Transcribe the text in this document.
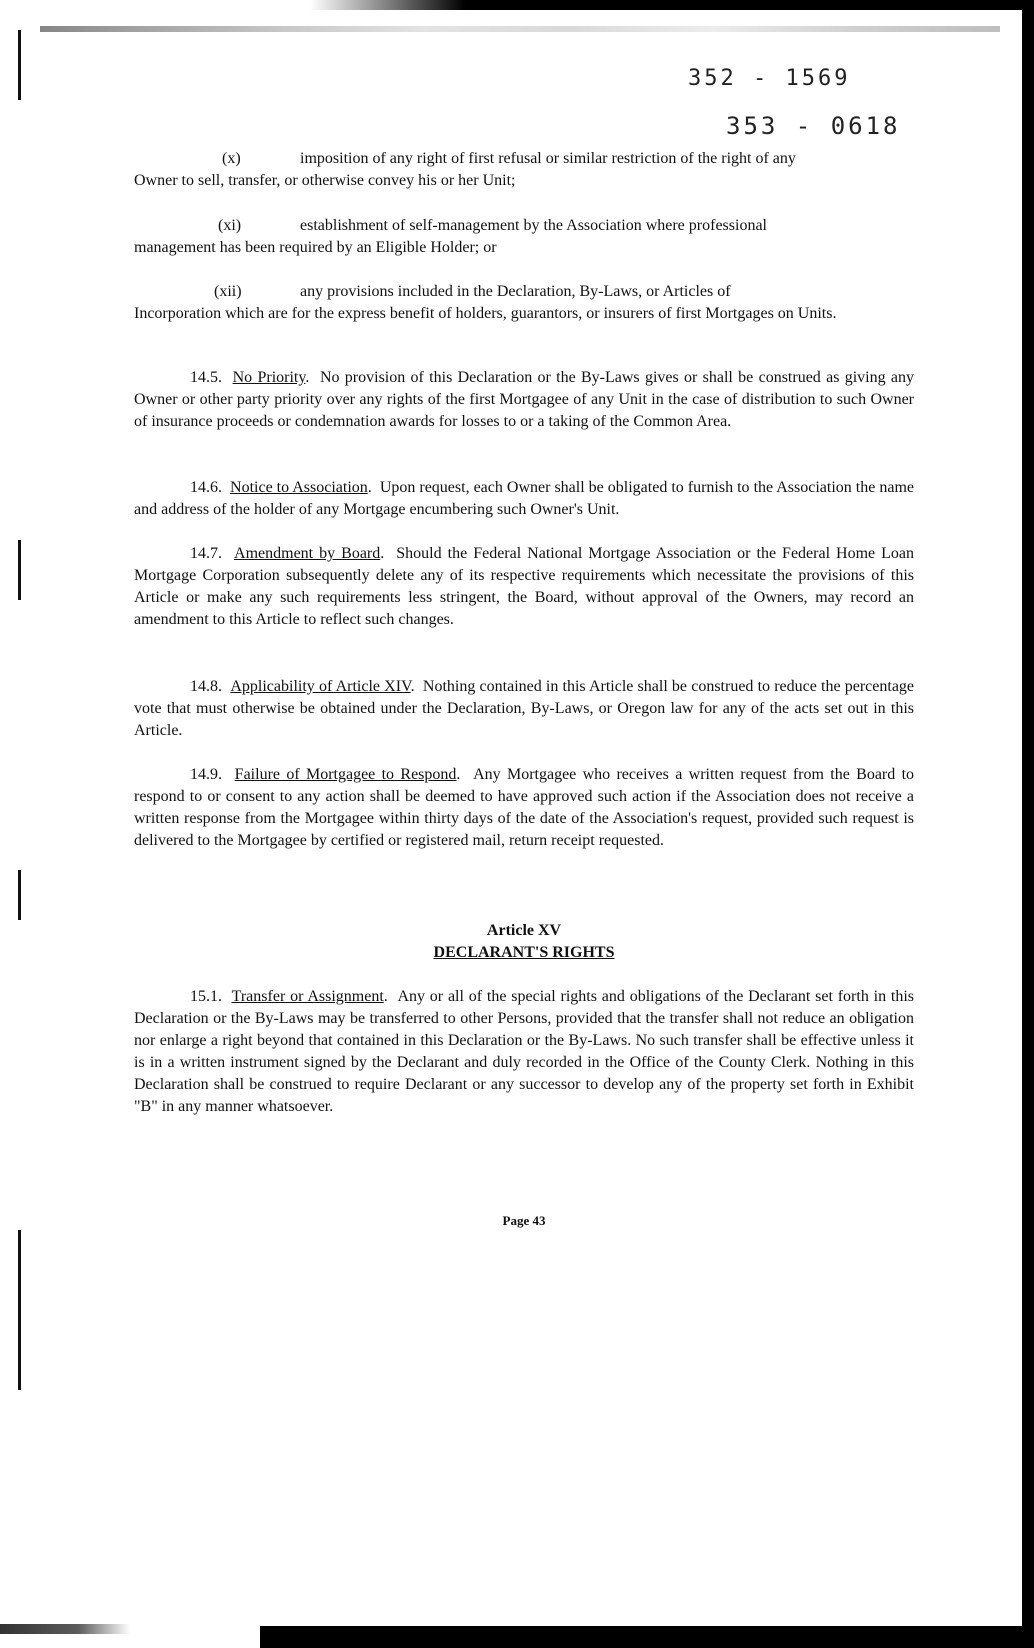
352 - 1569
353 - 0618
(x)	imposition of any right of first refusal or similar restriction of the right of any
Owner to sell, transfer, or otherwise convey his or her Unit;
(xi)	establishment of self-management by the Association where professional
management has been required by an Eligible Holder; or
(xii)	any provisions included in the Declaration, By-Laws, or Articles of
Incorporation which are for the express benefit of holders, guarantors, or insurers of first Mortgages on Units.

14.5. No Priority.  No provision of this Declaration or the By-Laws gives or shall be construed as giving any Owner or other party priority over any rights of the first Mortgagee of any Unit in the case of distribution to such Owner of insurance proceeds or condemnation awards for losses to or a taking of the Common Area.

14.6. Notice to Association.  Upon request, each Owner shall be obligated to furnish to the Association the name and address of the holder of any Mortgage encumbering such Owner's Unit.

14.7. Amendment by Board.  Should the Federal National Mortgage Association or the Federal Home Loan Mortgage Corporation subsequently delete any of its respective requirements which necessitate the provisions of this Article or make any such requirements less stringent, the Board, without approval of the Owners, may record an amendment to this Article to reflect such changes.

14.8. Applicability of Article XIV.  Nothing contained in this Article shall be construed to reduce the percentage vote that must otherwise be obtained under the Declaration, By-Laws, or Oregon law for any of the acts set out in this Article.

14.9. Failure of Mortgagee to Respond.  Any Mortgagee who receives a written request from the Board to respond to or consent to any action shall be deemed to have approved such action if the Association does not receive a written response from the Mortgagee within thirty days of the date of the Association's request, provided such request is delivered to the Mortgagee by certified or registered mail, return receipt requested.

Article XV
DECLARANT'S RIGHTS

15.1. Transfer or Assignment.  Any or all of the special rights and obligations of the Declarant set forth in this Declaration or the By-Laws may be transferred to other Persons, provided that the transfer shall not reduce an obligation nor enlarge a right beyond that contained in this Declaration or the By-Laws. No such transfer shall be effective unless it is in a written instrument signed by the Declarant and duly recorded in the Office of the County Clerk. Nothing in this Declaration shall be construed to require Declarant or any successor to develop any of the property set forth in Exhibit "B" in any manner whatsoever.

Page 43
